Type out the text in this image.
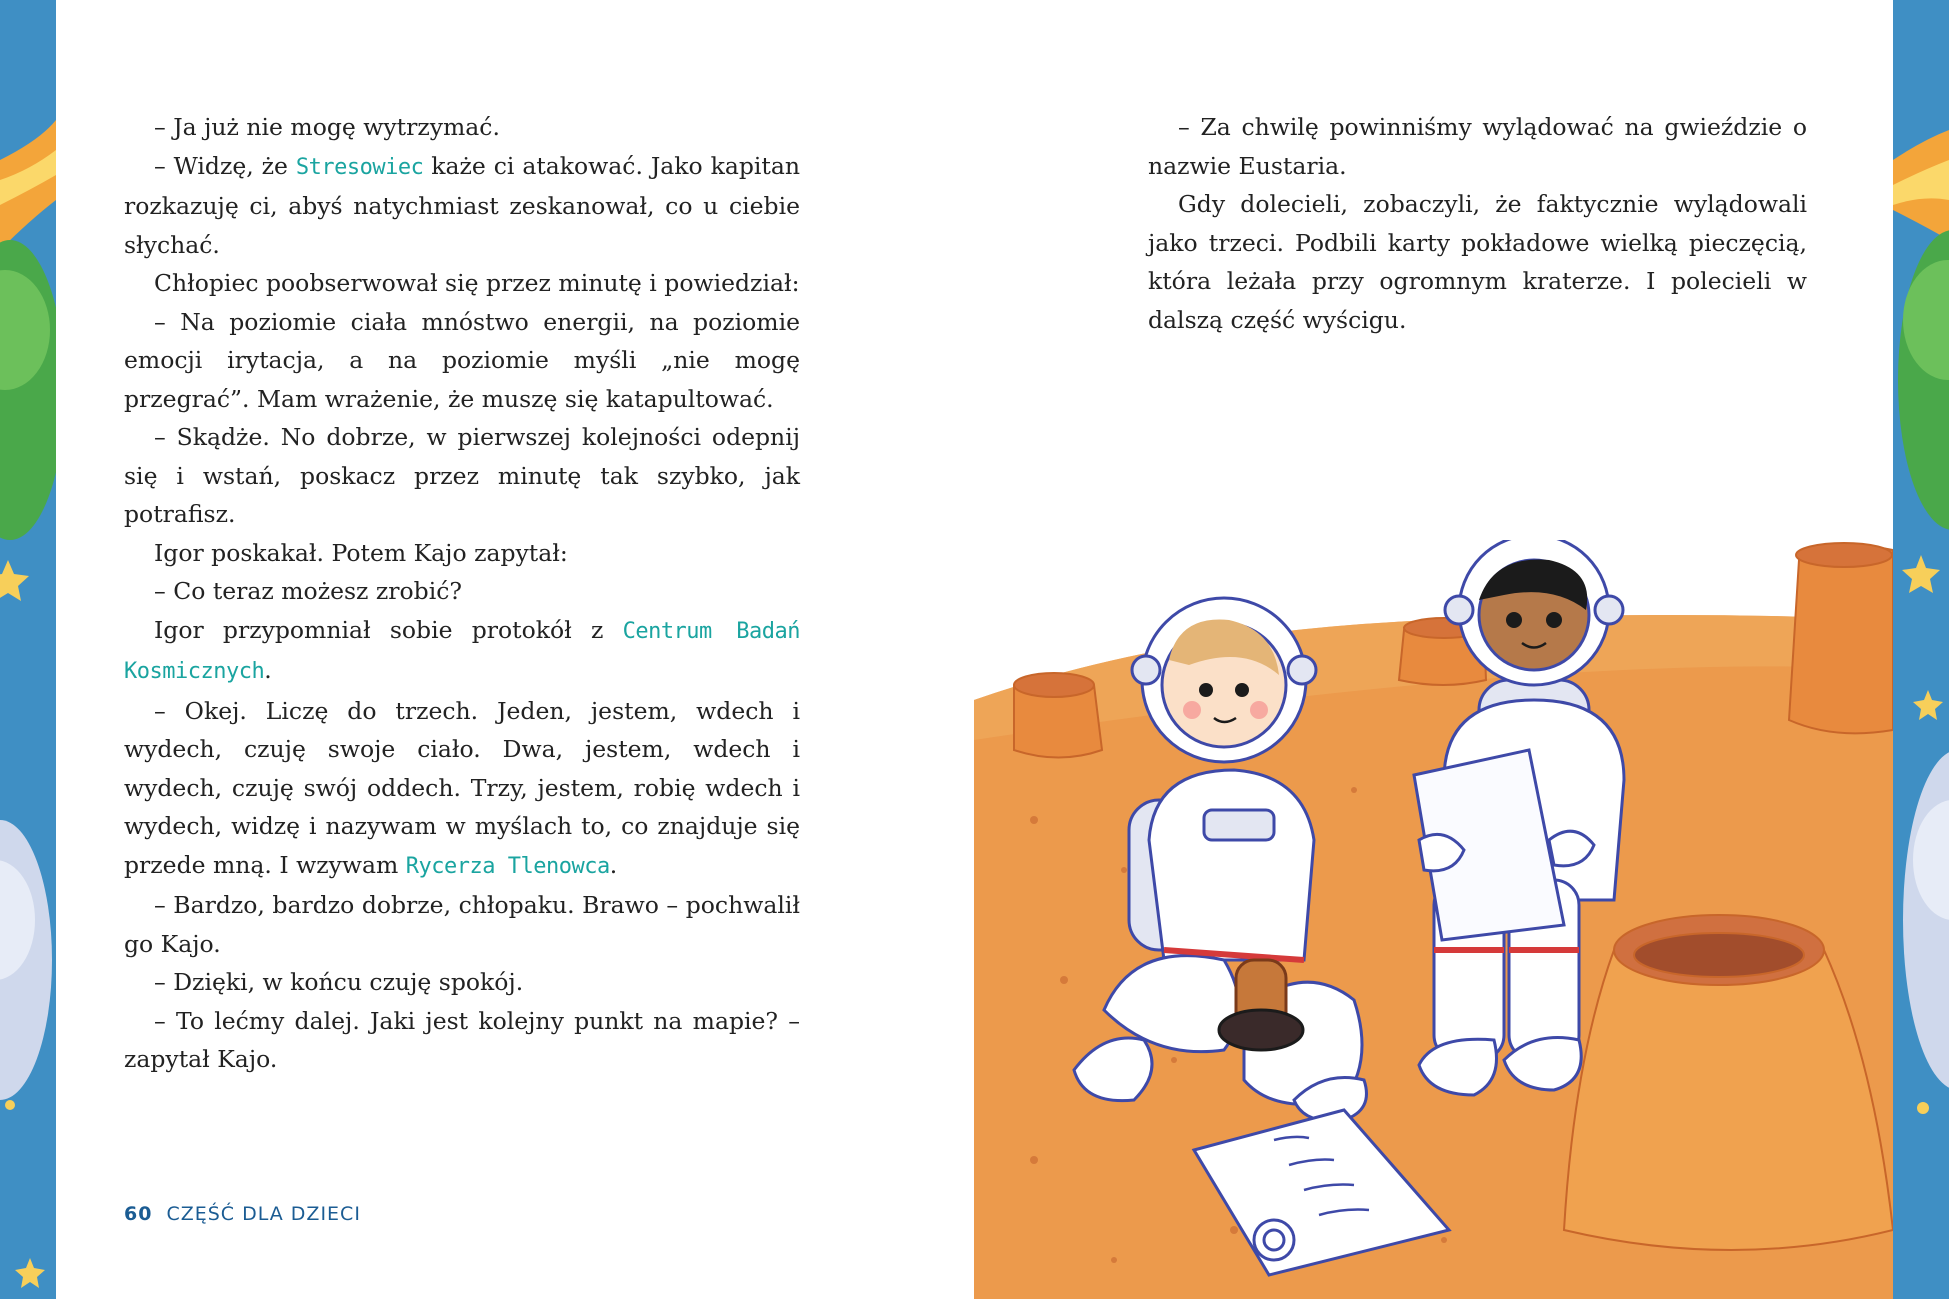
– Ja już nie mogę wytrzymać.

– Widzę, że Stresowiec każe ci atakować. Jako kapitan rozkazuję ci, abyś natychmiast zeskanował, co u ciebie słychać.

Chłopiec poobserwował się przez minutę i powiedział:

– Na poziomie ciała mnóstwo energii, na poziomie emocji irytacja, a na poziomie myśli „nie mogę przegrać”. Mam wrażenie, że muszę się katapultować.

– Skądże. No dobrze, w pierwszej kolejności odepnij się i wstań, poskacz przez minutę tak szybko, jak potrafisz.

Igor poskakał. Potem Kajo zapytał:

– Co teraz możesz zrobić?

Igor przypomniał sobie protokół z Centrum Badań Kosmicznych.

– Okej. Liczę do trzech. Jeden, jestem, wdech i wydech, czuję swoje ciało. Dwa, jestem, wdech i wydech, czuję swój oddech. Trzy, jestem, robię wdech i wydech, widzę i nazywam w myślach to, co znajduje się przede mną. I wzywam Rycerza Tlenowca.

– Bardzo, bardzo dobrze, chłopaku. Brawo – pochwalił go Kajo.

– Dzięki, w końcu czuję spokój.

– To lećmy dalej. Jaki jest kolejny punkt na mapie? – zapytał Kajo.

60 CZĘŚĆ DLA DZIECI

– Za chwilę powinniśmy wylądować na gwieździe o nazwie Eustaria.

Gdy dolecieli, zobaczyli, że faktycznie wylądowali jako trzeci. Podbili karty pokładowe wielką pieczęcią, która leżała przy ogromnym kraterze. I polecieli w dalszą część wyścigu.
